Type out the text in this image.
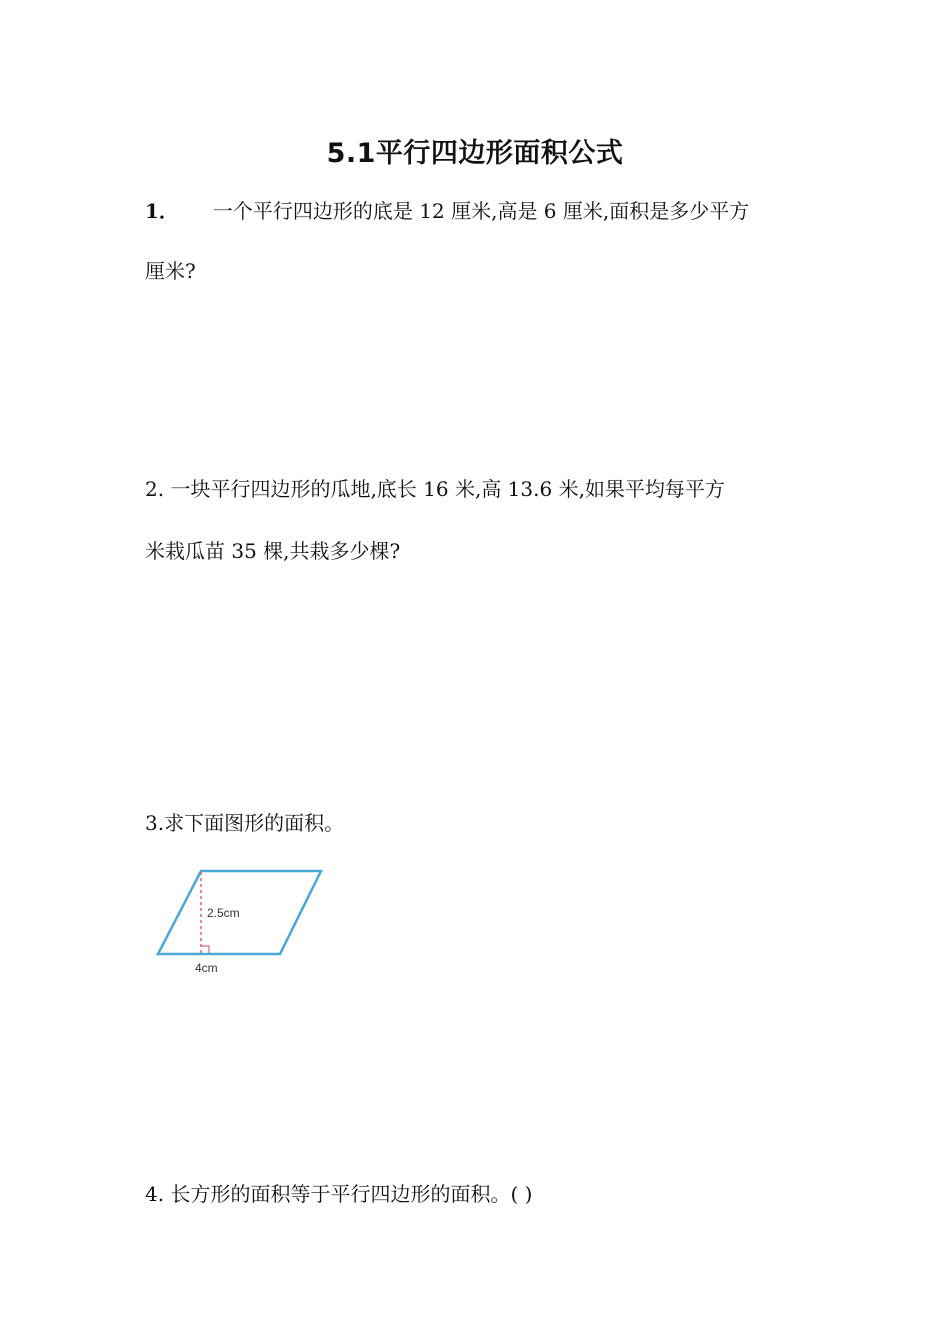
5.1平行四边形面积公式
1． 一个平行四边形的底是 12 厘米,高是 6 厘米,面积是多少平方
厘米?
2. 一块平行四边形的瓜地,底长 16 米,高 13.6 米,如果平均每平方
米栽瓜苗 35 棵,共栽多少棵?
3.求下面图形的面积。
2.5cm
4cm
4. 长方形的面积等于平行四边形的面积。( )
